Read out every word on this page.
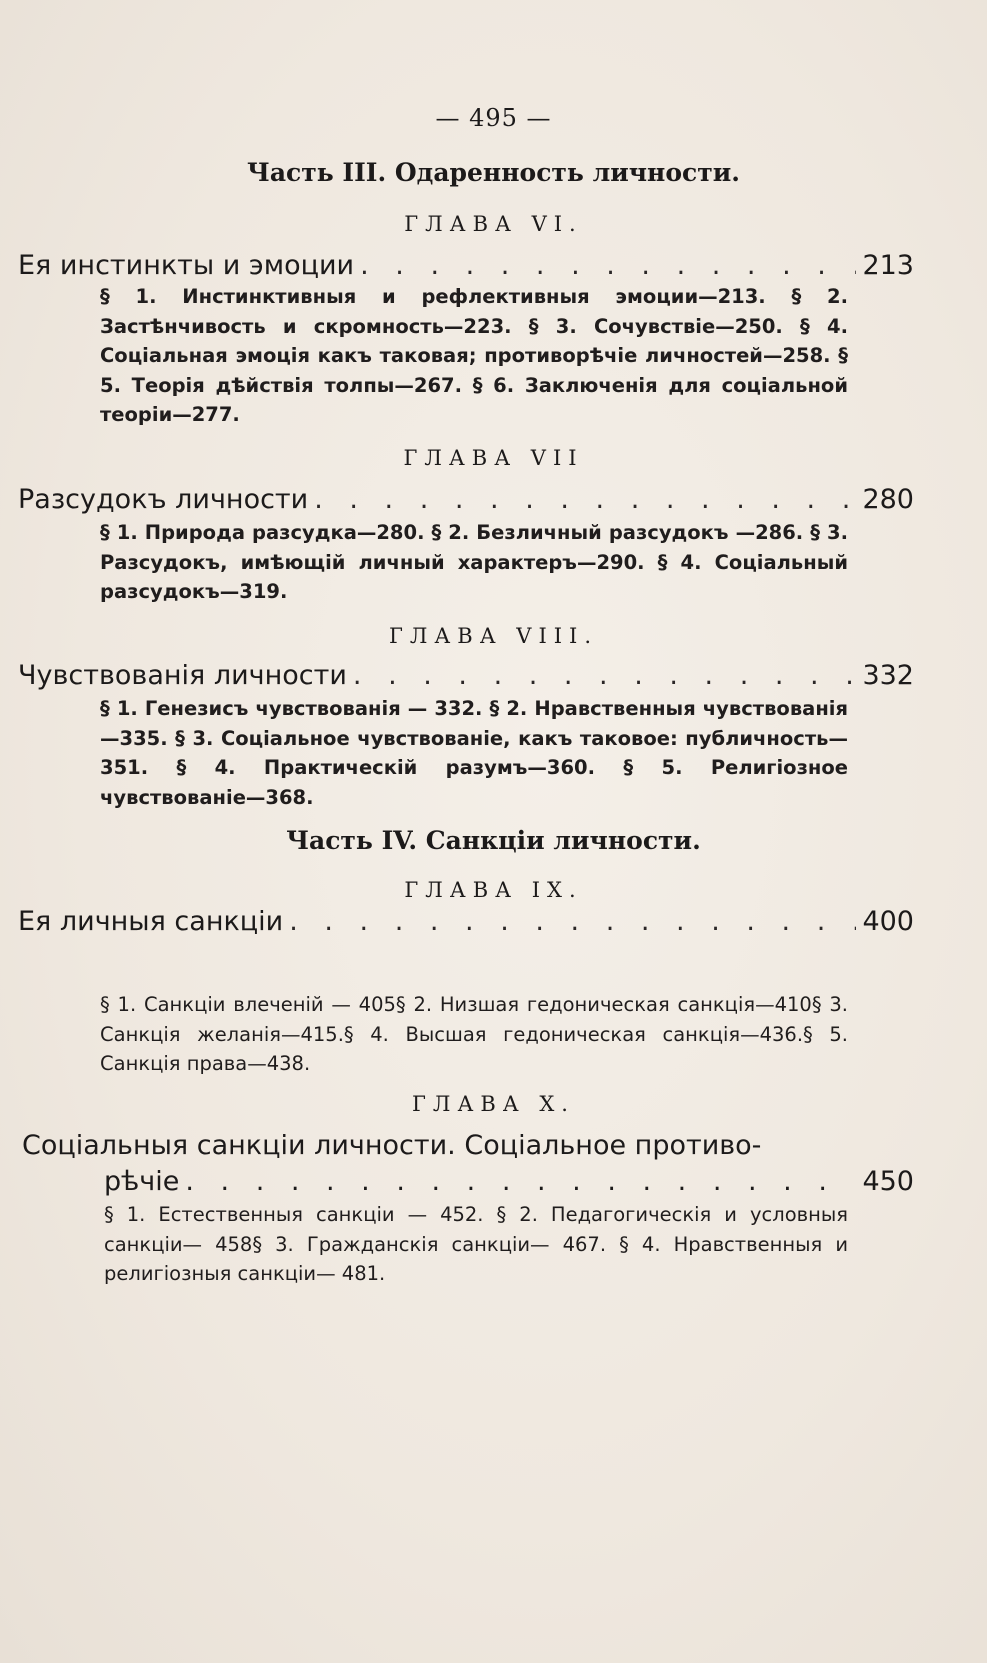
— 495 —
Часть III. Одаренность личности.
ГЛАВА VI.
Ея инстинкты и эмоции . . .	213
§ 1. Инстинктивныя и рефлективныя эмоции—213. § 2. Застѣнчивость и скромность—223. § 3. Сочувствіе—250. § 4. Соціальная эмоція какъ таковая; противорѣчіе личностей—258. § 5. Теорія дѣйствія толпы—267. § 6. Заключенія для соціальной теоріи—277.
ГЛАВА VII
Разсудокъ личности . . .	280
§ 1. Природа разсудка—280. § 2. Безличный разсудокъ —286. § 3. Разсудокъ, имѣющій личный характеръ—290. § 4. Соціальный разсудокъ—319.
ГЛАВА VIII.
Чувствованія личности . . .	332
§ 1. Генезисъ чувствованія — 332. § 2. Нравственныя чувствованія—335. § 3. Соціальное чувствованіе, какъ таковое: публичность—351. § 4. Практическій разумъ—360. § 5. Религіозное чувствованіе—368.
Часть IV. Санкціи личности.
ГЛАВА IX.
Ея личныя санкціи . . .	400
§ 1. Санкціи влеченій — 405§ 2. Низшая гедоническая санкція—410§ 3. Санкція желанія—415.§ 4. Высшая гедоническая санкція—436.§ 5. Санкція права—438.
ГЛАВА X.
Соціальныя санкціи личности. Соціальное противо-
рѣчіе . . .	450
§ 1. Естественныя санкціи — 452. § 2. Педагогическія и условныя санкціи— 458§ 3. Гражданскія санкціи— 467. § 4. Нравственныя и религіозныя санкціи— 481.
